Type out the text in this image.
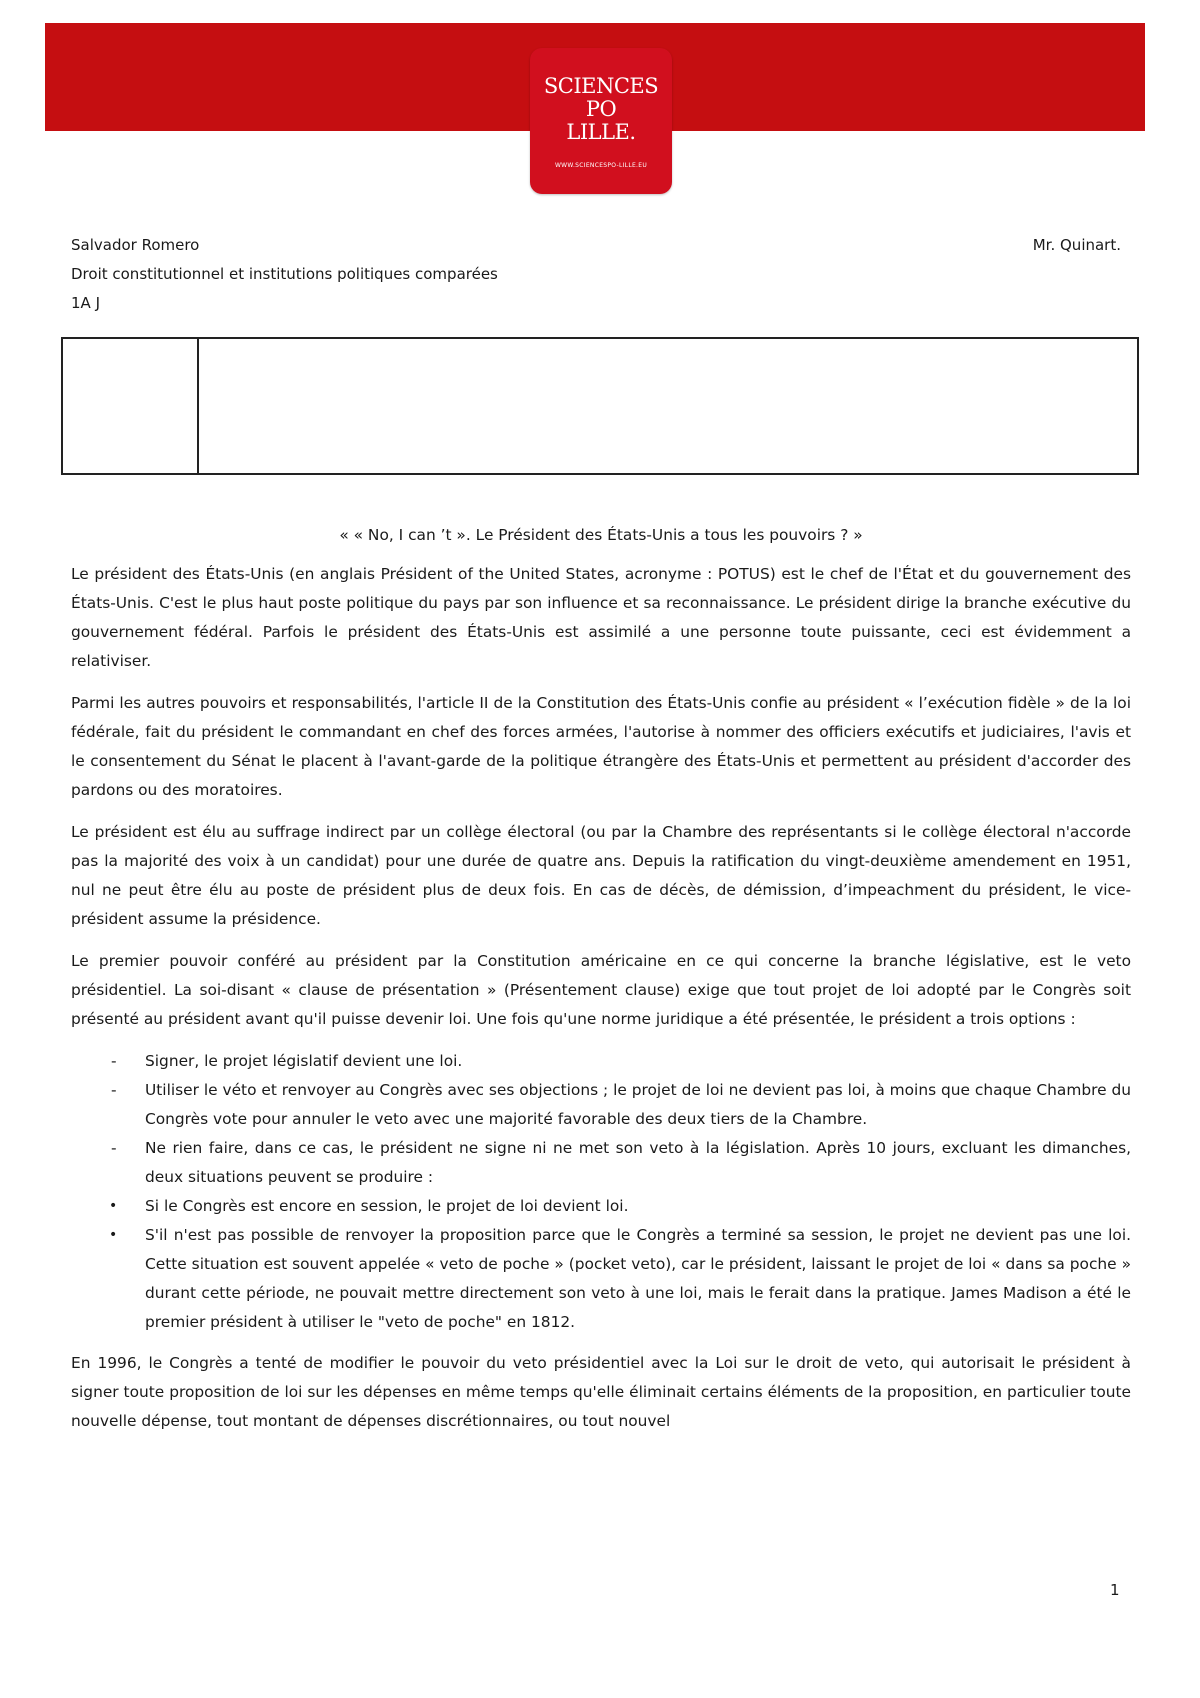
SCIENCES
PO
LILLE.
WWW.SCIENCESPO-LILLE.EU
Salvador Romero
Droit constitutionnel et institutions politiques comparées
1A J
Mr. Quinart.

« « No, I can ’t ». Le Président des États-Unis a tous les pouvoirs ? »

Le président des États-Unis (en anglais Président of the United States, acronyme : POTUS) est le chef de l'État et du gouvernement des États-Unis. C'est le plus haut poste politique du pays par son influence et sa reconnaissance. Le président dirige la branche exécutive du gouvernement fédéral. Parfois le président des États-Unis est assimilé a une personne toute puissante, ceci est évidemment a relativiser.

Parmi les autres pouvoirs et responsabilités, l'article II de la Constitution des États-Unis confie au président « l’exécution fidèle » de la loi fédérale, fait du président le commandant en chef des forces armées, l'autorise à nommer des officiers exécutifs et judiciaires, l'avis et le consentement du Sénat le placent à l'avant-garde de la politique étrangère des États-Unis et permettent au président d'accorder des pardons ou des moratoires.

Le président est élu au suffrage indirect par un collège électoral (ou par la Chambre des représentants si le collège électoral n'accorde pas la majorité des voix à un candidat) pour une durée de quatre ans. Depuis la ratification du vingt-deuxième amendement en 1951, nul ne peut être élu au poste de président plus de deux fois. En cas de décès, de démission, d’impeachment du président, le vice-président assume la présidence.

Le premier pouvoir conféré au président par la Constitution américaine en ce qui concerne la branche législative, est le veto présidentiel. La soi-disant « clause de présentation » (Présentement clause) exige que tout projet de loi adopté par le Congrès soit présenté au président avant qu'il puisse devenir loi. Une fois qu'une norme juridique a été présentée, le président a trois options :

- Signer, le projet législatif devient une loi.
- Utiliser le véto et renvoyer au Congrès avec ses objections ; le projet de loi ne devient pas loi, à moins que chaque Chambre du Congrès vote pour annuler le veto avec une majorité favorable des deux tiers de la Chambre.
- Ne rien faire, dans ce cas, le président ne signe ni ne met son veto à la législation. Après 10 jours, excluant les dimanches, deux situations peuvent se produire :
• Si le Congrès est encore en session, le projet de loi devient loi.
• S'il n'est pas possible de renvoyer la proposition parce que le Congrès a terminé sa session, le projet ne devient pas une loi. Cette situation est souvent appelée « veto de poche » (pocket veto), car le président, laissant le projet de loi « dans sa poche » durant cette période, ne pouvait mettre directement son veto à une loi, mais le ferait dans la pratique. James Madison a été le premier président à utiliser le "veto de poche" en 1812.

En 1996, le Congrès a tenté de modifier le pouvoir du veto présidentiel avec la Loi sur le droit de veto, qui autorisait le président à signer toute proposition de loi sur les dépenses en même temps qu'elle éliminait certains éléments de la proposition, en particulier toute nouvelle dépense, tout montant de dépenses discrétionnaires, ou tout nouvel

1
